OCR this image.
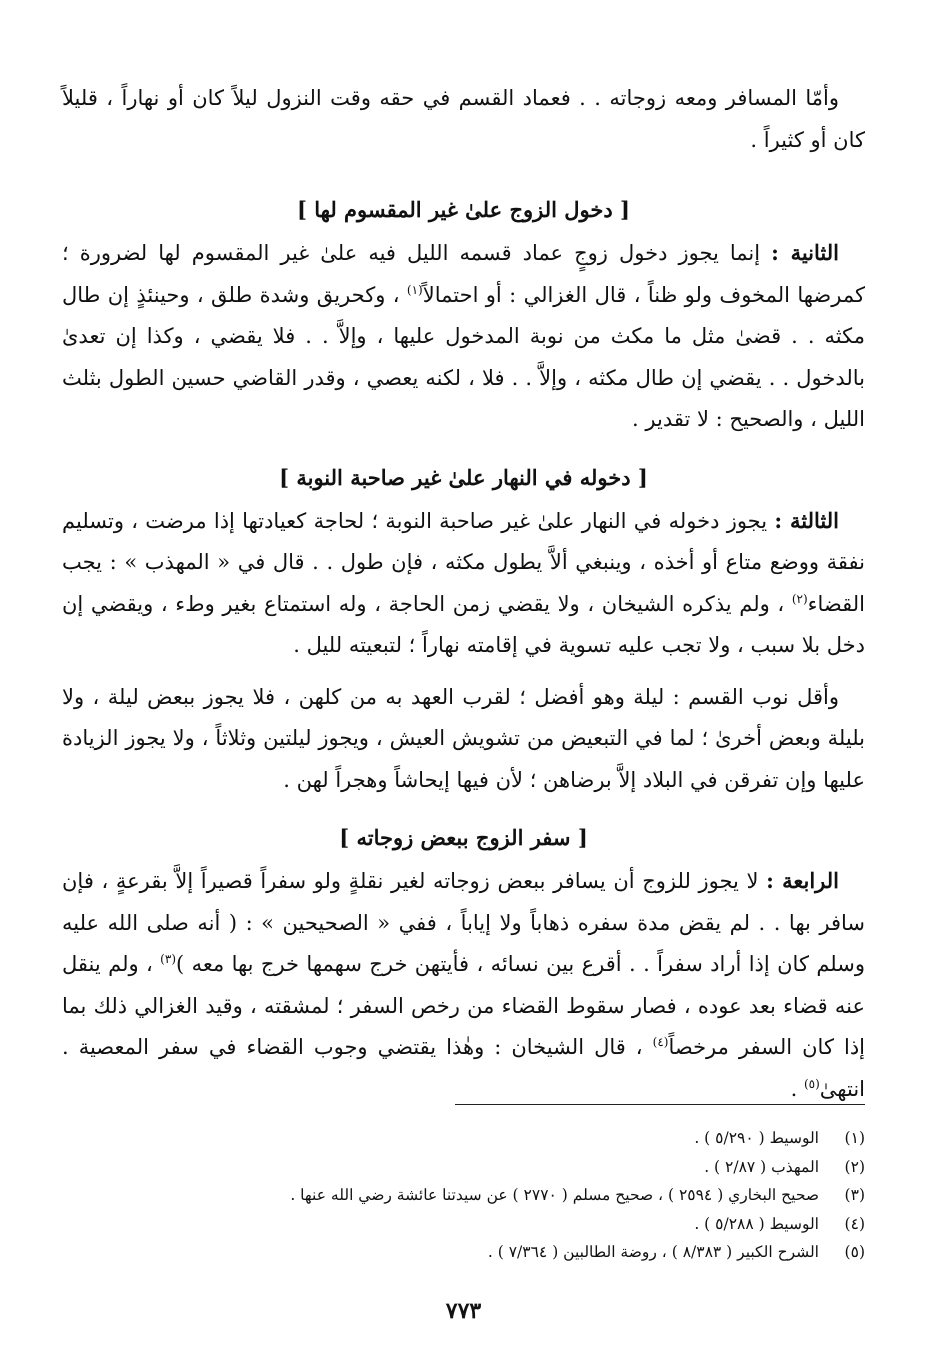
وأمّا المسافر ومعه زوجاته . . فعماد القسم في حقه وقت النزول ليلاً كان أو نهاراً ، قليلاً كان أو كثيراً .

[ دخول الزوج علىٰ غير المقسوم لها ]

الثانية : إنما يجوز دخول زوجٍ عماد قسمه الليل فيه علىٰ غير المقسوم لها لضرورة ؛ كمرضها المخوف ولو ظناً ، قال الغزالي : أو احتمالاً$^{(١)}$ ، وكحريق وشدة طلق ، وحينئذٍ إن طال مكثه . . قضىٰ مثل ما مكث من نوبة المدخول عليها ، وإلاَّ . . فلا يقضي ، وكذا إن تعدىٰ بالدخول . . يقضي إن طال مكثه ، وإلاَّ . . فلا ، لكنه يعصي ، وقدر القاضي حسين الطول بثلث الليل ، والصحيح : لا تقدير .

[ دخوله في النهار علىٰ غير صاحبة النوبة ]

الثالثة : يجوز دخوله في النهار علىٰ غير صاحبة النوبة ؛ لحاجة كعيادتها إذا مرضت ، وتسليم نفقة ووضع متاع أو أخذه ، وينبغي ألاَّ يطول مكثه ، فإن طول . . قال في « المهذب » : يجب القضاء$^{(٢)}$ ، ولم يذكره الشيخان ، ولا يقضي زمن الحاجة ، وله استمتاع بغير وطء ، ويقضي إن دخل بلا سبب ، ولا تجب عليه تسوية في إقامته نهاراً ؛ لتبعيته لليل .

وأقل نوب القسم : ليلة وهو أفضل ؛ لقرب العهد به من كلهن ، فلا يجوز ببعض ليلة ، ولا بليلة وبعض أخرىٰ ؛ لما في التبعيض من تشويش العيش ، ويجوز ليلتين وثلاثاً ، ولا يجوز الزيادة عليها وإن تفرقن في البلاد إلاَّ برضاهن ؛ لأن فيها إيحاشاً وهجراً لهن .

[ سفر الزوج ببعض زوجاته ]

الرابعة : لا يجوز للزوج أن يسافر ببعض زوجاته لغير نقلةٍ ولو سفراً قصيراً إلاَّ بقرعةٍ ، فإن سافر بها . . لم يقض مدة سفره ذهاباً ولا إياباً ، ففي « الصحيحين » : ( أنه صلى الله عليه وسلم كان إذا أراد سفراً . . أقرع بين نسائه ، فأيتهن خرج سهمها خرج بها معه )$^{(٣)}$ ، ولم ينقل عنه قضاء بعد عوده ، فصار سقوط القضاء من رخص السفر ؛ لمشقته ، وقيد الغزالي ذلك بما إذا كان السفر مرخصاً$^{(٤)}$ ، قال الشيخان : وهٰذا يقتضي وجوب القضاء في سفر المعصية . انتهىٰ$^{(٥)}$ .

(١)
الوسيط ( ٥/٢٩٠ ) .
(٢)
المهذب ( ٢/٨٧ ) .
(٣)
صحيح البخاري ( ٢٥٩٤ ) ، صحيح مسلم ( ٢٧٧٠ ) عن سيدتنا عائشة رضي الله عنها .
(٤)
الوسيط ( ٥/٢٨٨ ) .
(٥)
الشرح الكبير ( ٨/٣٨٣ ) ، روضة الطالبين ( ٧/٣٦٤ ) .
٧٧٣
